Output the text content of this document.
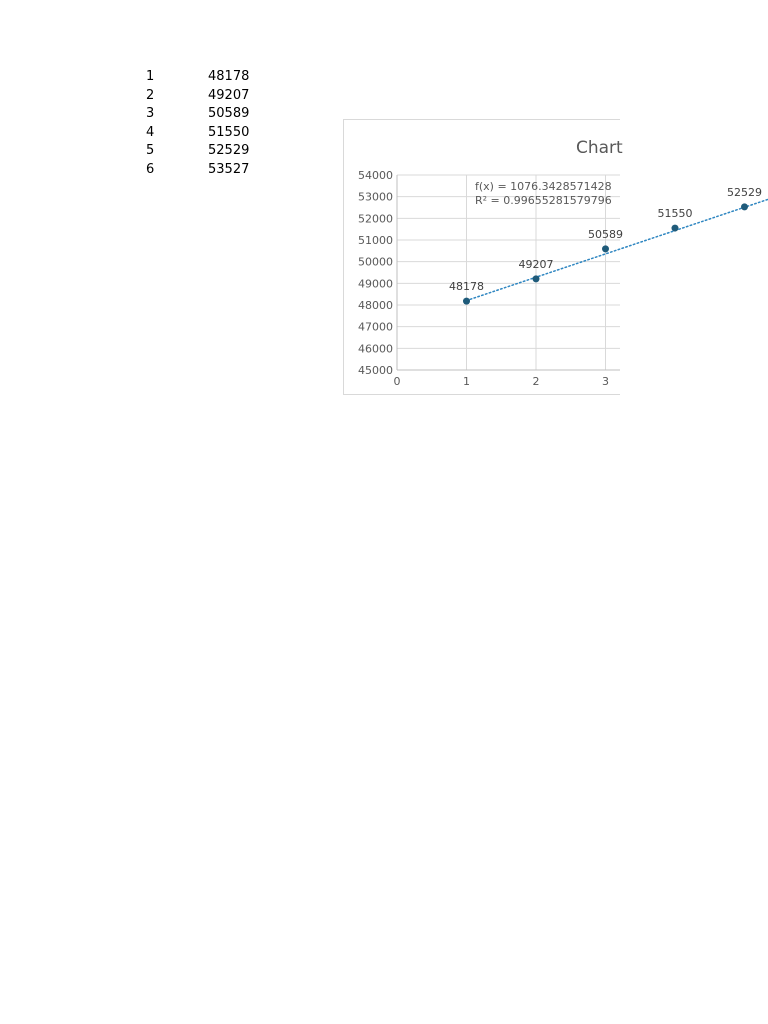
1	48178
2	49207
3	50589
4	51550
5	52529
6	53527
Chart
45000
46000
47000
48000
49000
50000
51000
52000
53000
54000
0	1	2	3
48178
49207
50589
51550
52529
f(x) = 1076.3428571428
R² = 0.99655281579796
